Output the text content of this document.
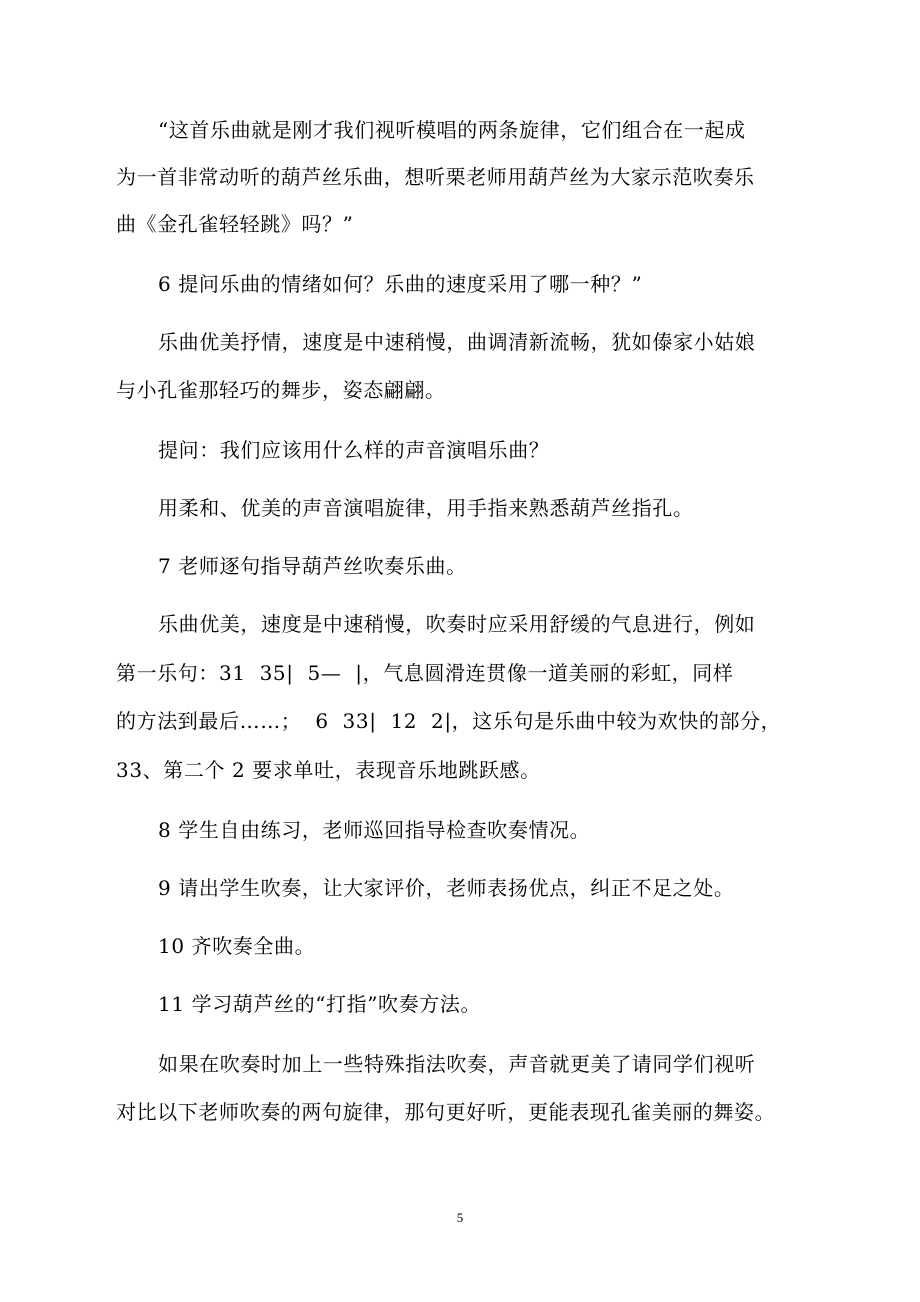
“这首乐曲就是刚才我们视听模唱的两条旋律，它们组合在一起成
为一首非常动听的葫芦丝乐曲，想听栗老师用葫芦丝为大家示范吹奏乐
曲《金孔雀轻轻跳》吗？”
6 提问乐曲的情绪如何？乐曲的速度采用了哪一种？”
乐曲优美抒情，速度是中速稍慢，曲调清新流畅，犹如傣家小姑娘
与小孔雀那轻巧的舞步，姿态翩翩。
提问：我们应该用什么样的声音演唱乐曲？
用柔和、优美的声音演唱旋律，用手指来熟悉葫芦丝指孔。
7 老师逐句指导葫芦丝吹奏乐曲。
乐曲优美，速度是中速稍慢，吹奏时应采用舒缓的气息进行，例如
第一乐句：31  35|  5—  |，气息圆滑连贯像一道美丽的彩虹，同样
的方法到最后……；  6  33|  12  2|，这乐句是乐曲中较为欢快的部分，
33、第二个 2 要求单吐，表现音乐地跳跃感。
8 学生自由练习，老师巡回指导检查吹奏情况。
9 请出学生吹奏，让大家评价，老师表扬优点，纠正不足之处。
10 齐吹奏全曲。
11 学习葫芦丝的“打指”吹奏方法。
如果在吹奏时加上一些特殊指法吹奏，声音就更美了请同学们视听
对比以下老师吹奏的两句旋律，那句更好听，更能表现孔雀美丽的舞姿。
5
